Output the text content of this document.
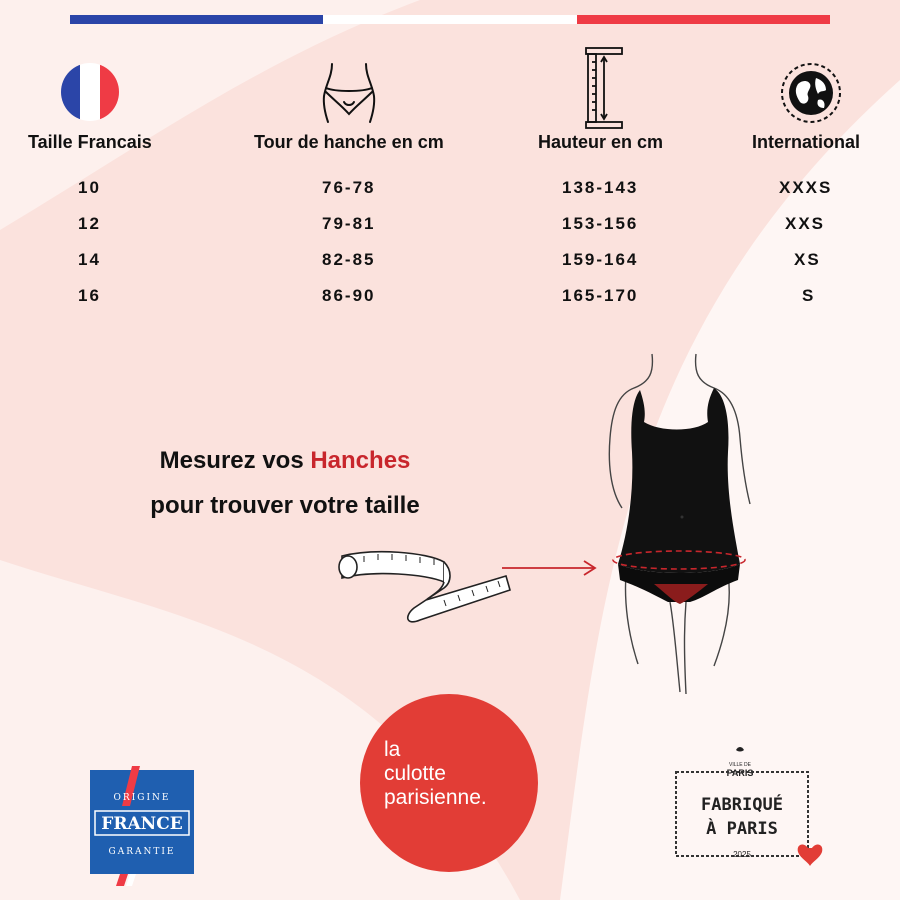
Taille Francais	Tour de hanche en cm	Hauteur en cm	International
10	76-78	138-143	XXXS
12	79-81	153-156	XXS
14	82-85	159-164	XS
16	86-90	165-170	S
Mesurez vos Hanches
pour trouver votre taille
FRANCE
ORIGINE
GARANTIE
la
culotte
parisienne.
VILLE DE
PARIS
FABRIQUÉ
À PARIS
2025
